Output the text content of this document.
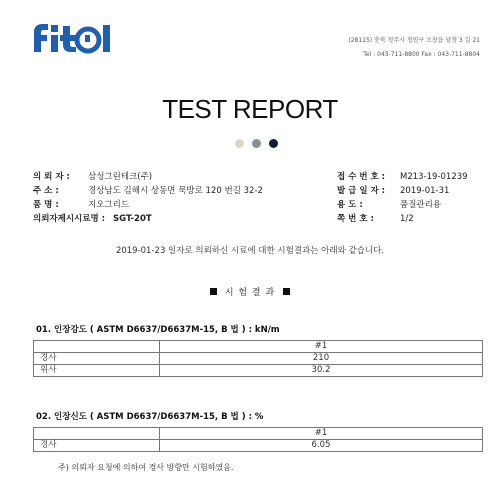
(28115) 충북 청주시 청원구 오창읍 양청 3 길 21
Tel : 043-711-8800 Fax : 043-711-8804
TEST REPORT
의 뢰 자 : 삼성그린테크(주)
주 소 :	경상남도 김해시 상동면 묵방로 120 번길 32-2
품 명 :	지오그리드
의뢰자제시시료명 : SGT-20T
접 수 번 호 : M213-19-01239
발 급 일 자 : 2019-01-31
용 도 :	품질관리용
쪽 번 호 :	1/2
2019-01-23 일자로 의뢰하신 시료에 대한 시험결과는 아래와 같습니다.
시 험 결 과
01. 인장강도 ( ASTM D6637/D6637M-15, B 법 ) : kN/m
	#1
경사	210
위사	30.2
02. 인장신도 ( ASTM D6637/D6637M-15, B 법 ) : %
	#1
경사	6.05
주) 의뢰자 요청에 의하여 경사 방향만 시험하였음.
